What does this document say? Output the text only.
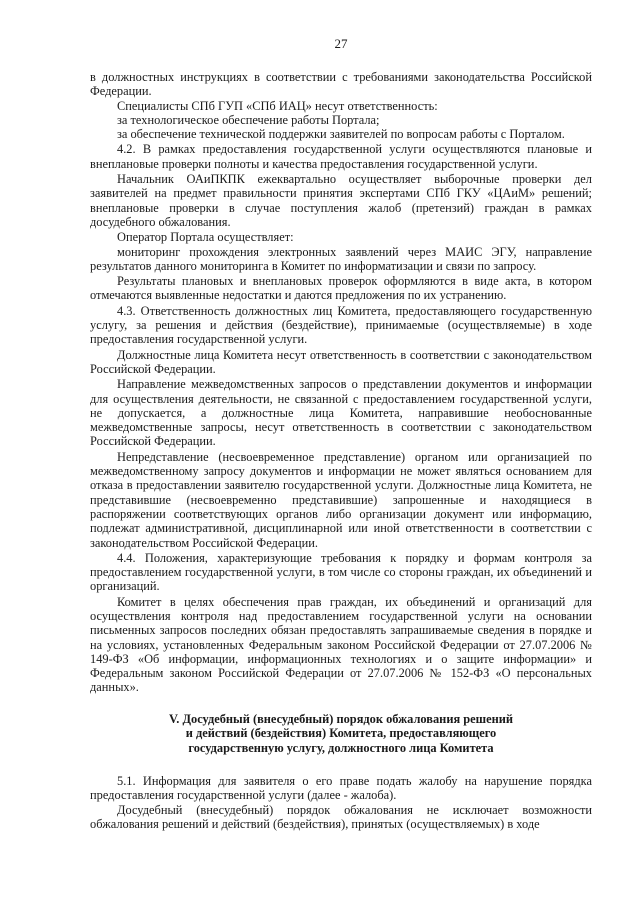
27

в должностных инструкциях в соответствии с требованиями законодательства Российской Федерации.

Специалисты СПб ГУП «СПб ИАЦ» несут ответственность:

за технологическое обеспечение работы Портала;

за обеспечение технической поддержки заявителей по вопросам работы с Порталом.

4.2. В рамках предоставления государственной услуги осуществляются плановые и внеплановые проверки полноты и качества предоставления государственной услуги.

Начальник ОАиПКПК ежеквартально осуществляет выборочные проверки дел заявителей на предмет правильности принятия экспертами СПб ГКУ «ЦАиМ» решений; внеплановые проверки в случае поступления жалоб (претензий) граждан в рамках досудебного обжалования.

Оператор Портала осуществляет:

мониторинг прохождения электронных заявлений через МАИС ЭГУ, направление результатов данного мониторинга в Комитет по информатизации и связи по запросу.

Результаты плановых и внеплановых проверок оформляются в виде акта, в котором отмечаются выявленные недостатки и даются предложения по их устранению.

4.3. Ответственность должностных лиц Комитета, предоставляющего государственную услугу, за решения и действия (бездействие), принимаемые (осуществляемые) в ходе предоставления государственной услуги.

Должностные лица Комитета несут ответственность в соответствии с законодательством Российской Федерации.

Направление межведомственных запросов о представлении документов и информации для осуществления деятельности, не связанной с предоставлением государственной услуги, не допускается, а должностные лица Комитета, направившие необоснованные межведомственные запросы, несут ответственность в соответствии с законодательством Российской Федерации.

Непредставление (несвоевременное представление) органом или организацией по межведомственному запросу документов и информации не может являться основанием для отказа в предоставлении заявителю государственной услуги. Должностные лица Комитета, не представившие (несвоевременно представившие) запрошенные и находящиеся в распоряжении соответствующих органов либо организации документ или информацию, подлежат административной, дисциплинарной или иной ответственности в соответствии с законодательством Российской Федерации.

4.4. Положения, характеризующие требования к порядку и формам контроля за предоставлением государственной услуги, в том числе со стороны граждан, их объединений и организаций.

Комитет в целях обеспечения прав граждан, их объединений и организаций для осуществления контроля над предоставлением государственной услуги на основании письменных запросов последних обязан предоставлять запрашиваемые сведения в порядке и на условиях, установленных Федеральным законом Российской Федерации от 27.07.2006 № 149-ФЗ «Об информации, информационных технологиях и о защите информации» и Федеральным законом Российской Федерации от 27.07.2006 № 152-ФЗ «О персональных данных».

V. Досудебный (внесудебный) порядок обжалования решений
и действий (бездействия) Комитета, предоставляющего
государственную услугу, должностного лица Комитета

5.1. Информация для заявителя о его праве подать жалобу на нарушение порядка предоставления государственной услуги (далее - жалоба).

Досудебный (внесудебный) порядок обжалования не исключает возможности обжалования решений и действий (бездействия), принятых (осуществляемых) в ходе
